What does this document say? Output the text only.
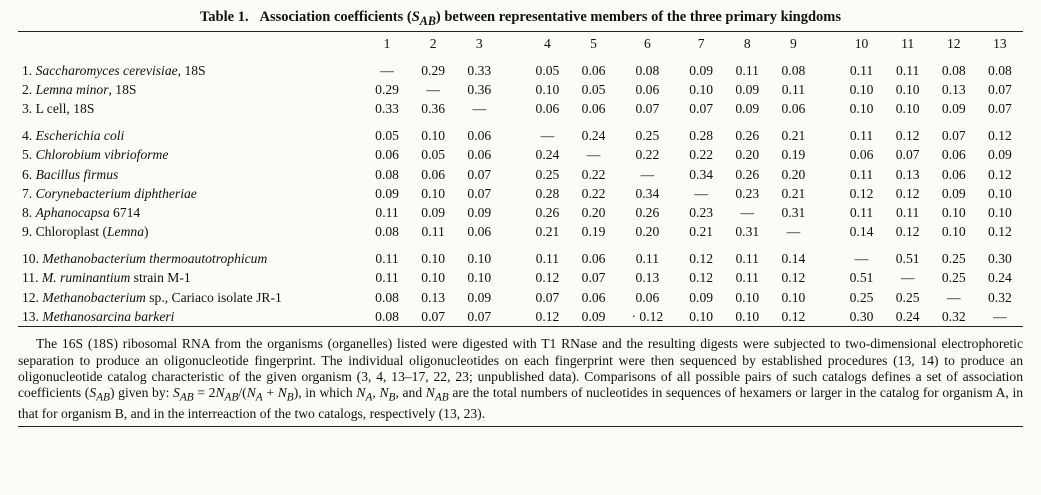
Table 1. Association coefficients $(S_{AB})$ between representative members of the three primary kingdoms
	1	2	3		4	5	6	7	8	9		10	11	12	13

1. Saccharomyces cerevisiae, 18S	—	0.29	0.33		0.05	0.06	0.08	0.09	0.11	0.08		0.11	0.11	0.08	0.08
2. Lemna minor, 18S	0.29	—	0.36		0.10	0.05	0.06	0.10	0.09	0.11		0.10	0.10	0.13	0.07
3. L cell, 18S	0.33	0.36	—		0.06	0.06	0.07	0.07	0.09	0.06		0.10	0.10	0.09	0.07

4. Escherichia coli	0.05	0.10	0.06		—	0.24	0.25	0.28	0.26	0.21		0.11	0.12	0.07	0.12
5. Chlorobium vibrioforme	0.06	0.05	0.06		0.24	—	0.22	0.22	0.20	0.19		0.06	0.07	0.06	0.09
6. Bacillus firmus	0.08	0.06	0.07		0.25	0.22	—	0.34	0.26	0.20		0.11	0.13	0.06	0.12
7. Corynebacterium diphtheriae	0.09	0.10	0.07		0.28	0.22	0.34	—	0.23	0.21		0.12	0.12	0.09	0.10
8. Aphanocapsa 6714	0.11	0.09	0.09		0.26	0.20	0.26	0.23	—	0.31		0.11	0.11	0.10	0.10
9. Chloroplast (Lemna)	0.08	0.11	0.06		0.21	0.19	0.20	0.21	0.31	—		0.14	0.12	0.10	0.12

10. Methanobacterium thermoautotrophicum	0.11	0.10	0.10		0.11	0.06	0.11	0.12	0.11	0.14		—	0.51	0.25	0.30
11. M. ruminantium strain M-1	0.11	0.10	0.10		0.12	0.07	0.13	0.12	0.11	0.12		0.51	—	0.25	0.24
12. Methanobacterium sp., Cariaco isolate JR-1	0.08	0.13	0.09		0.07	0.06	0.06	0.09	0.10	0.10		0.25	0.25	—	0.32
13. Methanosarcina barkeri	0.08	0.07	0.07		0.12	0.09	· 0.12	0.10	0.10	0.12		0.30	0.24	0.32	—
The 16S (18S) ribosomal RNA from the organisms (organelles) listed were digested with T1 RNase and the resulting digests were subjected to two-dimensional electrophoretic separation to produce an oligonucleotide fingerprint. The individual oligonucleotides on each fingerprint were then sequenced by established procedures (13, 14) to produce an oligonucleotide catalog characteristic of the given organism (3, 4, 13–17, 22, 23; unpublished data). Comparisons of all possible pairs of such catalogs defines a set of association coefficients $(S_{AB})$ given by: $S_{AB} = 2N_{AB}/(N_A + N_B)$, in which $N_A$, $N_B$, and $N_{AB}$ are the total numbers of nucleotides in sequences of hexamers or larger in the catalog for organism A, in that for organism B, and in the interreaction of the two catalogs, respectively (13, 23).
